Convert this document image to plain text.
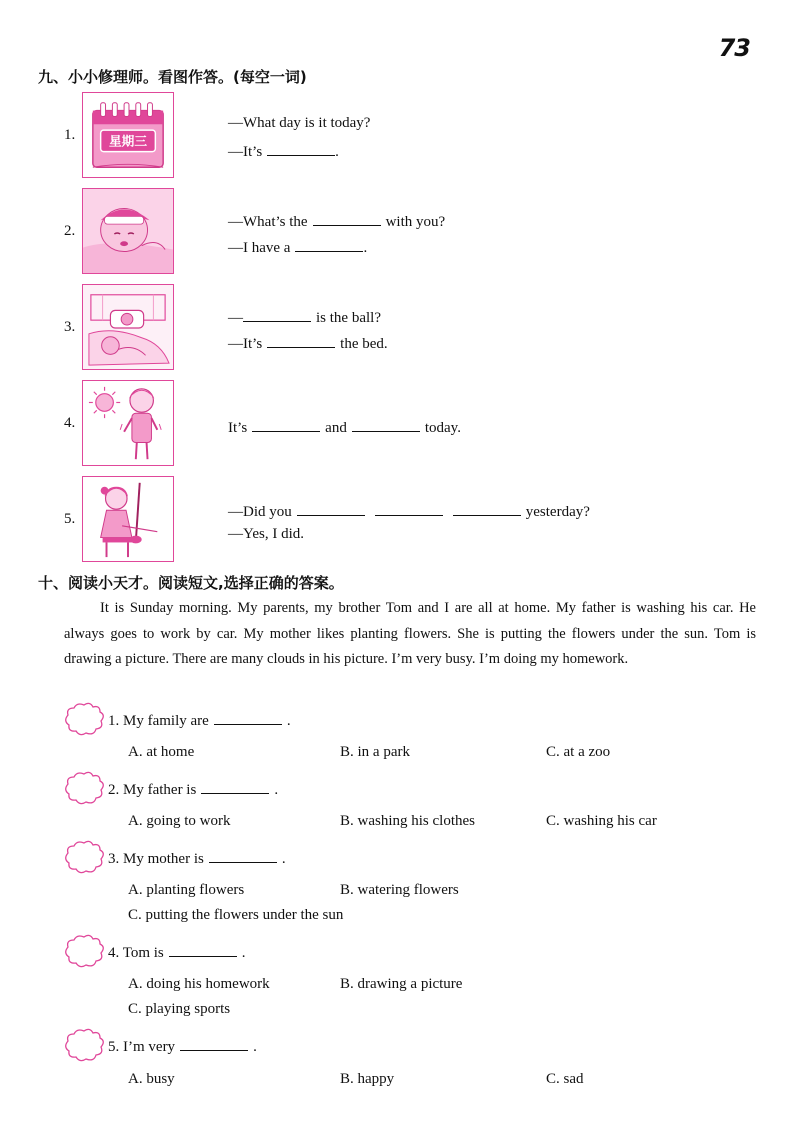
73
九、小小修理师。看图作答。(每空一词)
1.	星期三
—What day is it today?
—It’s	.
2.
—What’s the	with you?
—I have a	.
3.
—	is the ball?
—It’s	the bed.
4.	It’s	and	today.
5.	—Did you	yesterday?
—Yes, I did.
十、阅读小天才。阅读短文,选择正确的答案。
It is Sunday morning. My parents, my brother Tom and I are all at home. My father is washing his car. He always goes to work by car. My mother likes planting flowers. She is putting the flowers under the sun. Tom is drawing a picture. There are many clouds in his picture. I’m very busy. I’m doing my homework.
1. My family are	.
A. at home	B. in a park	C. at a zoo
2. My father is	.
A. going to work	B. washing his clothes	C. washing his car
3. My mother is	.
A. planting flowers	B. watering flowers
C. putting the flowers under the sun
4. Tom is	.
A. doing his homework	B. drawing a picture
C. playing sports
5. I’m very	.
A. busy	B. happy	C. sad
